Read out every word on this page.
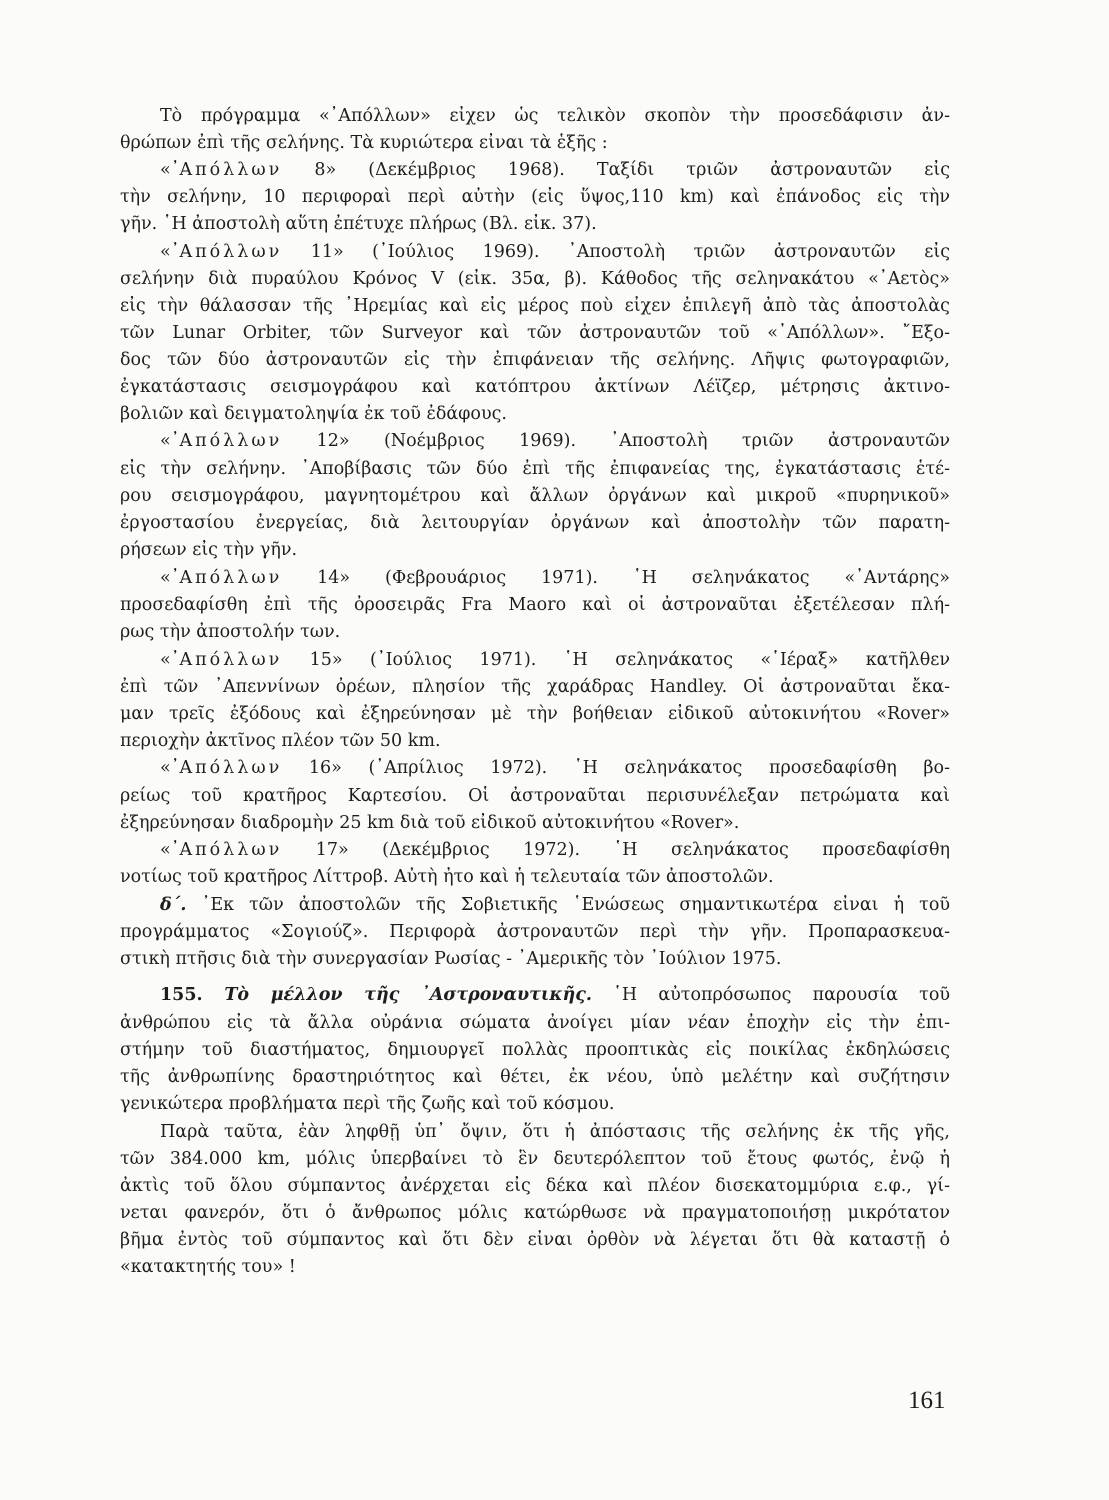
Τὸ πρόγραμμα «᾽Απόλλων» εἶχεν ὡς τελικὸν σκοπὸν τὴν προσεδάφισιν ἀν-
θρώπων ἐπὶ τῆς σελήνης. Τὰ κυριώτερα εἶναι τὰ ἑξῆς :
«᾽Απόλλων 8» (Δεκέμβριος 1968). Ταξίδι τριῶν ἀστροναυτῶν εἰς
τὴν σελήνην, 10 περιφοραὶ περὶ αὐτὴν (εἰς ὕψος,110 km) καὶ ἐπάνοδος εἰς τὴν
γῆν. ῾Η ἀποστολὴ αὕτη ἐπέτυχε πλήρως (Βλ. εἰκ. 37).
«᾽Απόλλων 11» (᾽Ιούλιος 1969). ᾽Αποστολὴ τριῶν ἀστροναυτῶν εἰς
σελήνην διὰ πυραύλου Κρόνος V (εἰκ. 35α, β). Κάθοδος τῆς σεληνακάτου «᾽Αετὸς»
εἰς τὴν θάλασσαν τῆς ᾽Ηρεμίας καὶ εἰς μέρος ποὺ εἶχεν ἐπιλεγῆ ἀπὸ τὰς ἀποστολὰς
τῶν Lunar Orbiter, τῶν Surveyor καὶ τῶν ἀστροναυτῶν τοῦ «᾽Απόλλων». ῎Εξο-
δος τῶν δύο ἀστροναυτῶν εἰς τὴν ἐπιφάνειαν τῆς σελήνης. Λῆψις φωτογραφιῶν,
ἐγκατάστασις σεισμογράφου καὶ κατόπτρου ἀκτίνων Λέϊζερ, μέτρησις ἀκτινο-
βολιῶν καὶ δειγματοληψία ἐκ τοῦ ἐδάφους.
«᾽Απόλλων 12» (Νοέμβριος 1969). ᾽Αποστολὴ τριῶν ἀστροναυτῶν
εἰς τὴν σελήνην. ᾽Αποβίβασις τῶν δύο ἐπὶ τῆς ἐπιφανείας της, ἐγκατάστασις ἑτέ-
ρου σεισμογράφου, μαγνητομέτρου καὶ ἄλλων ὀργάνων καὶ μικροῦ «πυρηνικοῦ»
ἐργοστασίου ἐνεργείας, διὰ λειτουργίαν ὀργάνων καὶ ἀποστολὴν τῶν παρατη-
ρήσεων εἰς τὴν γῆν.
«᾽Απόλλων 14» (Φεβρουάριος 1971). ῾Η σεληνάκατος «᾽Αντάρης»
προσεδαφίσθη ἐπὶ τῆς ὀροσειρᾶς Fra Maoro καὶ οἱ ἀστροναῦται ἐξετέλεσαν πλή-
ρως τὴν ἀποστολήν των.
«᾽Απόλλων 15» (᾽Ιούλιος 1971). ῾Η σεληνάκατος «῾Ιέραξ» κατῆλθεν
ἐπὶ τῶν ᾽Απεννίνων ὀρέων, πλησίον τῆς χαράδρας Handley. Οἱ ἀστροναῦται ἔκα-
μαν τρεῖς ἐξόδους καὶ ἐξηρεύνησαν μὲ τὴν βοήθειαν εἰδικοῦ αὐτοκινήτου «Rover»
περιοχὴν ἀκτῖνος πλέον τῶν 50 km.
«᾽Απόλλων 16» (᾽Απρίλιος 1972). ῾Η σεληνάκατος προσεδαφίσθη βο-
ρείως τοῦ κρατῆρος Καρτεσίου. Οἱ ἀστροναῦται περισυνέλεξαν πετρώματα καὶ
ἐξηρεύνησαν διαδρομὴν 25 km διὰ τοῦ εἰδικοῦ αὐτοκινήτου «Rover».
«᾽Απόλλων 17» (Δεκέμβριος 1972). ῾Η σεληνάκατος προσεδαφίσθη
νοτίως τοῦ κρατῆρος Λίττροβ. Αὐτὴ ἦτο καὶ ἡ τελευταία τῶν ἀποστολῶν.
δ΄. ᾽Εκ τῶν ἀποστολῶν τῆς Σοβιετικῆς ῾Ενώσεως σημαντικωτέρα εἶναι ἡ τοῦ
προγράμματος «Σογιούζ». Περιφορὰ ἀστροναυτῶν περὶ τὴν γῆν. Προπαρασκευα-
στικὴ πτῆσις διὰ τὴν συνεργασίαν Ρωσίας - ᾽Αμερικῆς τὸν ᾽Ιούλιον 1975.
155. Τὸ μέλλον τῆς ᾽Αστροναυτικῆς. ῾Η αὐτοπρόσωπος παρουσία τοῦ
ἀνθρώπου εἰς τὰ ἄλλα οὐράνια σώματα ἀνοίγει μίαν νέαν ἐποχὴν εἰς τὴν ἐπι-
στήμην τοῦ διαστήματος, δημιουργεῖ πολλὰς προοπτικὰς εἰς ποικίλας ἐκδηλώσεις
τῆς ἀνθρωπίνης δραστηριότητος καὶ θέτει, ἐκ νέου, ὑπὸ μελέτην καὶ συζήτησιν
γενικώτερα προβλήματα περὶ τῆς ζωῆς καὶ τοῦ κόσμου.
Παρὰ ταῦτα, ἐὰν ληφθῇ ὑπ᾽ ὄψιν, ὅτι ἡ ἀπόστασις τῆς σελήνης ἐκ τῆς γῆς,
τῶν 384.000 km, μόλις ὑπερβαίνει τὸ ἓν δευτερόλεπτον τοῦ ἔτους φωτός, ἐνῷ ἡ
ἀκτὶς τοῦ ὅλου σύμπαντος ἀνέρχεται εἰς δέκα καὶ πλέον δισεκατομμύρια ε.φ., γί-
νεται φανερόν, ὅτι ὁ ἄνθρωπος μόλις κατώρθωσε νὰ πραγματοποιήσῃ μικρότατον
βῆμα ἐντὸς τοῦ σύμπαντος καὶ ὅτι δὲν εἶναι ὀρθὸν νὰ λέγεται ὅτι θὰ καταστῇ ὁ
«κατακτητής του» !
161
